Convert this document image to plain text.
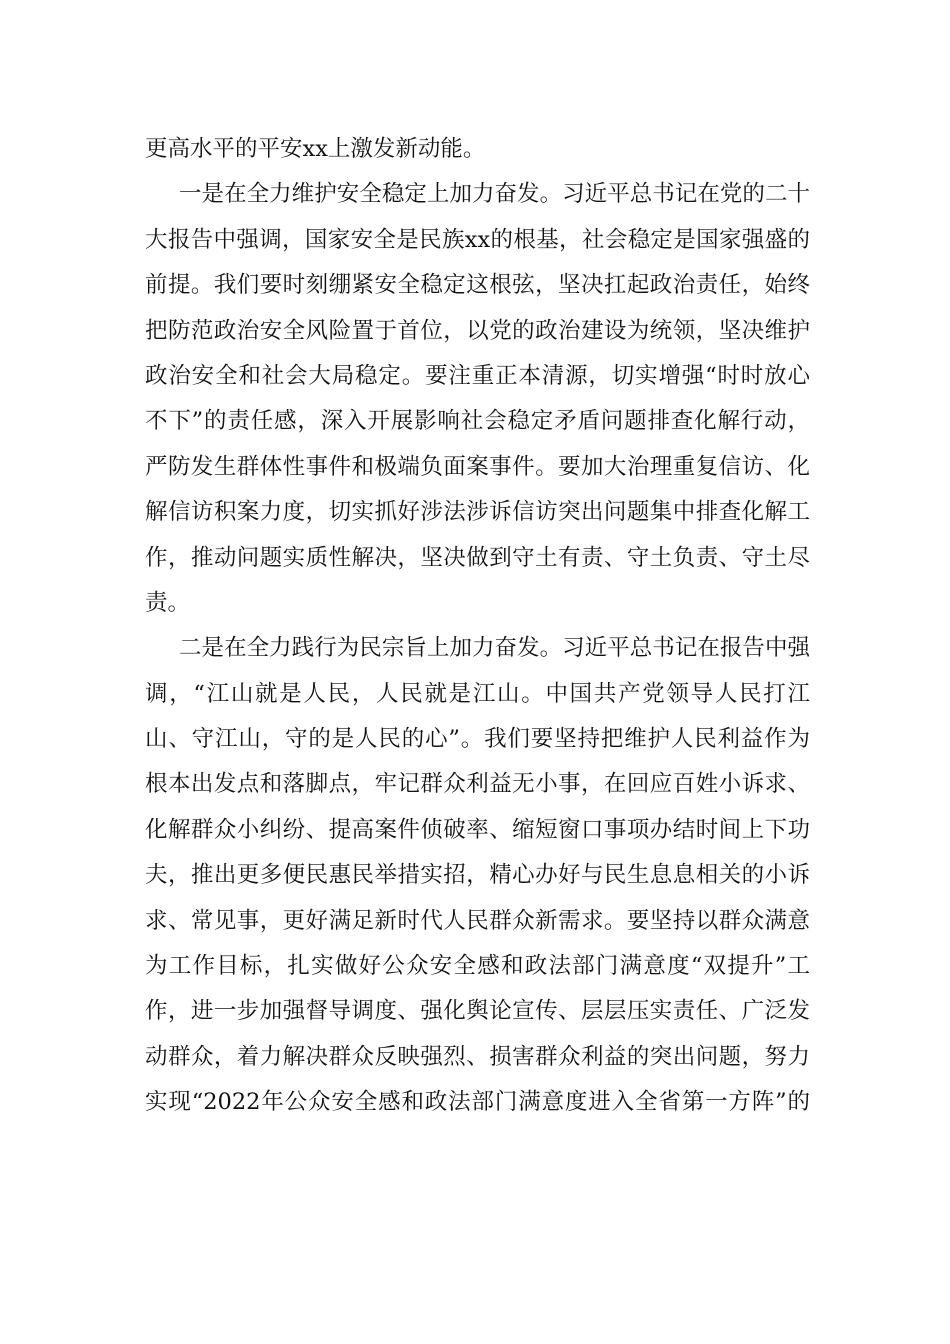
更高水平的平安xx上激发新动能。
一是在全力维护安全稳定上加力奋发。习近平总书记在党的二十
大报告中强调，国家安全是民族xx的根基，社会稳定是国家强盛的
前提。我们要时刻绷紧安全稳定这根弦，坚决扛起政治责任，始终
把防范政治安全风险置于首位，以党的政治建设为统领，坚决维护
政治安全和社会大局稳定。要注重正本清源，切实增强“时时放心
不下”的责任感，深入开展影响社会稳定矛盾问题排查化解行动，
严防发生群体性事件和极端负面案事件。要加大治理重复信访、化
解信访积案力度，切实抓好涉法涉诉信访突出问题集中排查化解工
作，推动问题实质性解决，坚决做到守土有责、守土负责、守土尽
责。
二是在全力践行为民宗旨上加力奋发。习近平总书记在报告中强
调，“江山就是人民，人民就是江山。中国共产党领导人民打江
山、守江山，守的是人民的心”。我们要坚持把维护人民利益作为
根本出发点和落脚点，牢记群众利益无小事，在回应百姓小诉求、
化解群众小纠纷、提高案件侦破率、缩短窗口事项办结时间上下功
夫，推出更多便民惠民举措实招，精心办好与民生息息相关的小诉
求、常见事，更好满足新时代人民群众新需求。要坚持以群众满意
为工作目标，扎实做好公众安全感和政法部门满意度“双提升”工
作，进一步加强督导调度、强化舆论宣传、层层压实责任、广泛发
动群众，着力解决群众反映强烈、损害群众利益的突出问题，努力
实现“2022年公众安全感和政法部门满意度进入全省第一方阵”的
